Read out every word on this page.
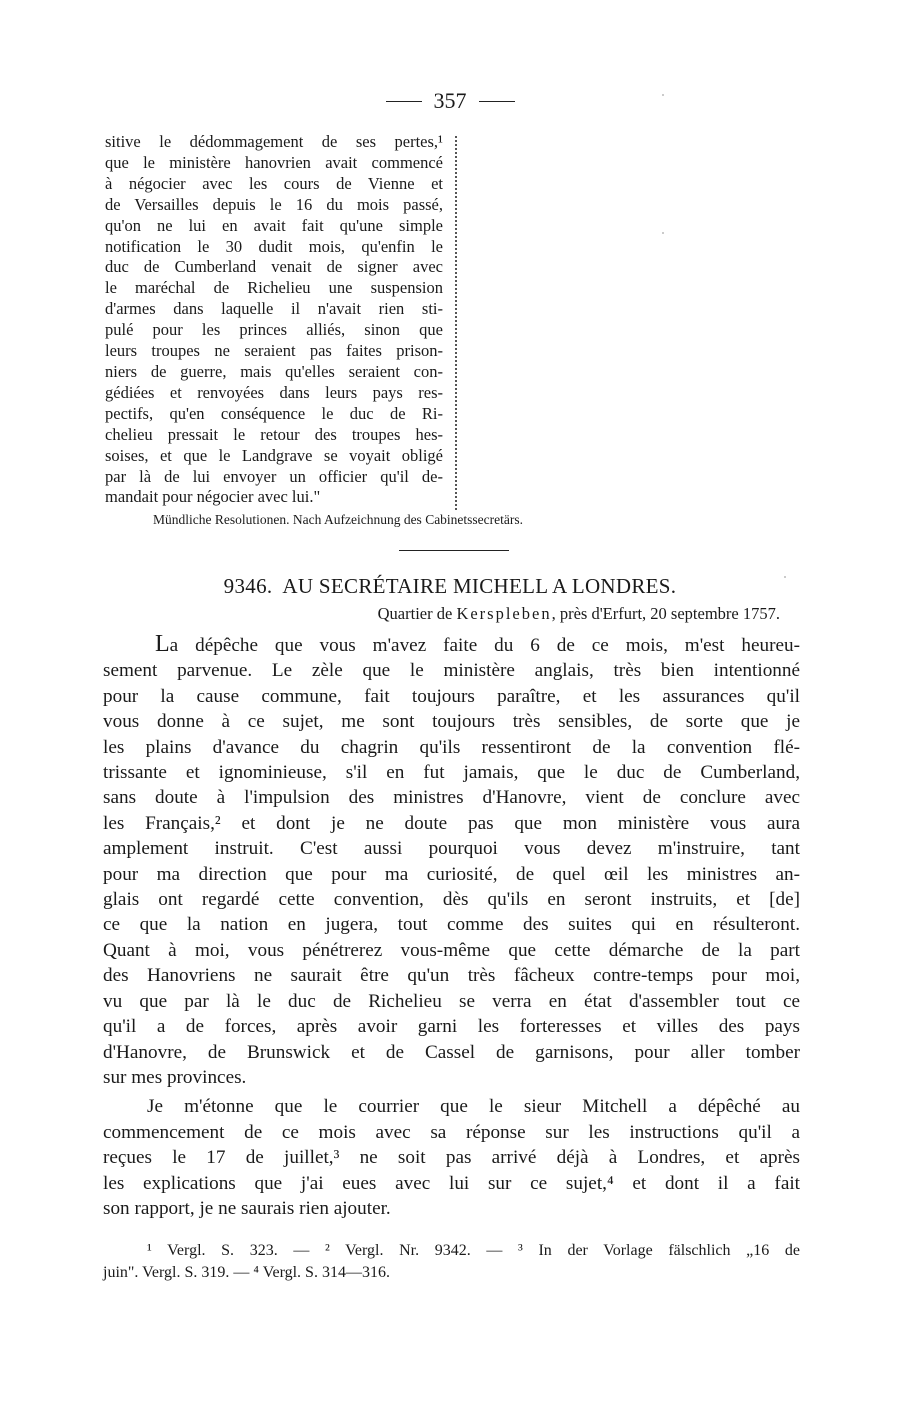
357
sitive le dédommagement de ses pertes,¹
que le ministère hanovrien avait commencé
à négocier avec les cours de Vienne et
de Versailles depuis le 16 du mois passé,
qu'on ne lui en avait fait qu'une simple
notification le 30 dudit mois, qu'enfin le
duc de Cumberland venait de signer avec
le maréchal de Richelieu une suspension
d'armes dans laquelle il n'avait rien sti-
pulé pour les princes alliés, sinon que
leurs troupes ne seraient pas faites prison-
niers de guerre, mais qu'elles seraient con-
gédiées et renvoyées dans leurs pays res-
pectifs, qu'en conséquence le duc de Ri-
chelieu pressait le retour des troupes hes-
soises, et que le Landgrave se voyait obligé
par là de lui envoyer un officier qu'il de-
mandait pour négocier avec lui."
Mündliche Resolutionen. Nach Aufzeichnung des Cabinetssecretärs.
9346. AU SECRÉTAIRE MICHELL A LONDRES.
Quartier de Kerspleben, près d'Erfurt, 20 septembre 1757.
La dépêche que vous m'avez faite du 6 de ce mois, m'est heureu-
sement parvenue. Le zèle que le ministère anglais, très bien intentionné
pour la cause commune, fait toujours paraître, et les assurances qu'il
vous donne à ce sujet, me sont toujours très sensibles, de sorte que je
les plains d'avance du chagrin qu'ils ressentiront de la convention flé-
trissante et ignominieuse, s'il en fut jamais, que le duc de Cumberland,
sans doute à l'impulsion des ministres d'Hanovre, vient de conclure avec
les Français,² et dont je ne doute pas que mon ministère vous aura
amplement instruit. C'est aussi pourquoi vous devez m'instruire, tant
pour ma direction que pour ma curiosité, de quel œil les ministres an-
glais ont regardé cette convention, dès qu'ils en seront instruits, et [de]
ce que la nation en jugera, tout comme des suites qui en résulteront.
Quant à moi, vous pénétrerez vous-même que cette démarche de la part
des Hanovriens ne saurait être qu'un très fâcheux contre-temps pour moi,
vu que par là le duc de Richelieu se verra en état d'assembler tout ce
qu'il a de forces, après avoir garni les forteresses et villes des pays
d'Hanovre, de Brunswick et de Cassel de garnisons, pour aller tomber
sur mes provinces.
Je m'étonne que le courrier que le sieur Mitchell a dépêché au
commencement de ce mois avec sa réponse sur les instructions qu'il a
reçues le 17 de juillet,³ ne soit pas arrivé déjà à Londres, et après
les explications que j'ai eues avec lui sur ce sujet,⁴ et dont il a fait
son rapport, je ne saurais rien ajouter.
¹ Vergl. S. 323. — ² Vergl. Nr. 9342. — ³ In der Vorlage fälschlich „16 de
juin". Vergl. S. 319. — ⁴ Vergl. S. 314—316.
